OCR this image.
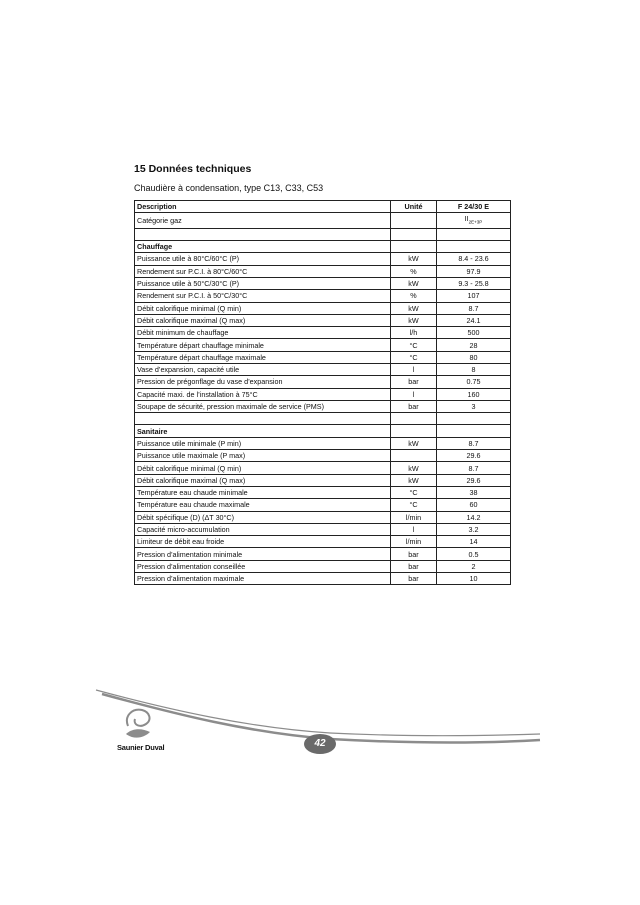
15 Données techniques

Chaudière à condensation, type C13, C33, C53

Description	Unité	F 24/30 E
Catégorie gaz		$II_{2E+3P}$

Chauffage		
Puissance utile à 80°C/60°C (P)	kW	8.4 - 23.6
Rendement sur P.C.I. à 80°C/60°C	%	97.9
Puissance utile à 50°C/30°C (P)	kW	9.3 - 25.8
Rendement sur P.C.I. à 50°C/30°C	%	107
Débit calorifique minimal (Q min)	kW	8.7
Débit calorifique maximal (Q max)	kW	24.1
Débit minimum de chauffage	l/h	500
Température départ chauffage minimale	°C	28
Température départ chauffage maximale	°C	80
Vase d’expansion, capacité utile	l	8
Pression de prégonflage du vase d’expansion	bar	0.75
Capacité maxi. de l’installation à 75°C	l	160
Soupape de sécurité, pression maximale de service (PMS)	bar	3

Sanitaire		
Puissance utile minimale (P min)	kW	8.7
Puissance utile maximale (P max)		29.6
Débit calorifique minimal (Q min)	kW	8.7
Débit calorifique maximal (Q max)	kW	29.6
Température eau chaude minimale	°C	38
Température eau chaude maximale	°C	60
Débit spécifique (D) (ΔT 30°C)	l/min	14.2
Capacité micro-accumulation	l	3.2
Limiteur de débit eau froide	l/min	14
Pression d’alimentation minimale	bar	0.5
Pression d’alimentation conseillée	bar	2
Pression d’alimentation maximale	bar	10
42
Saunier Duval
